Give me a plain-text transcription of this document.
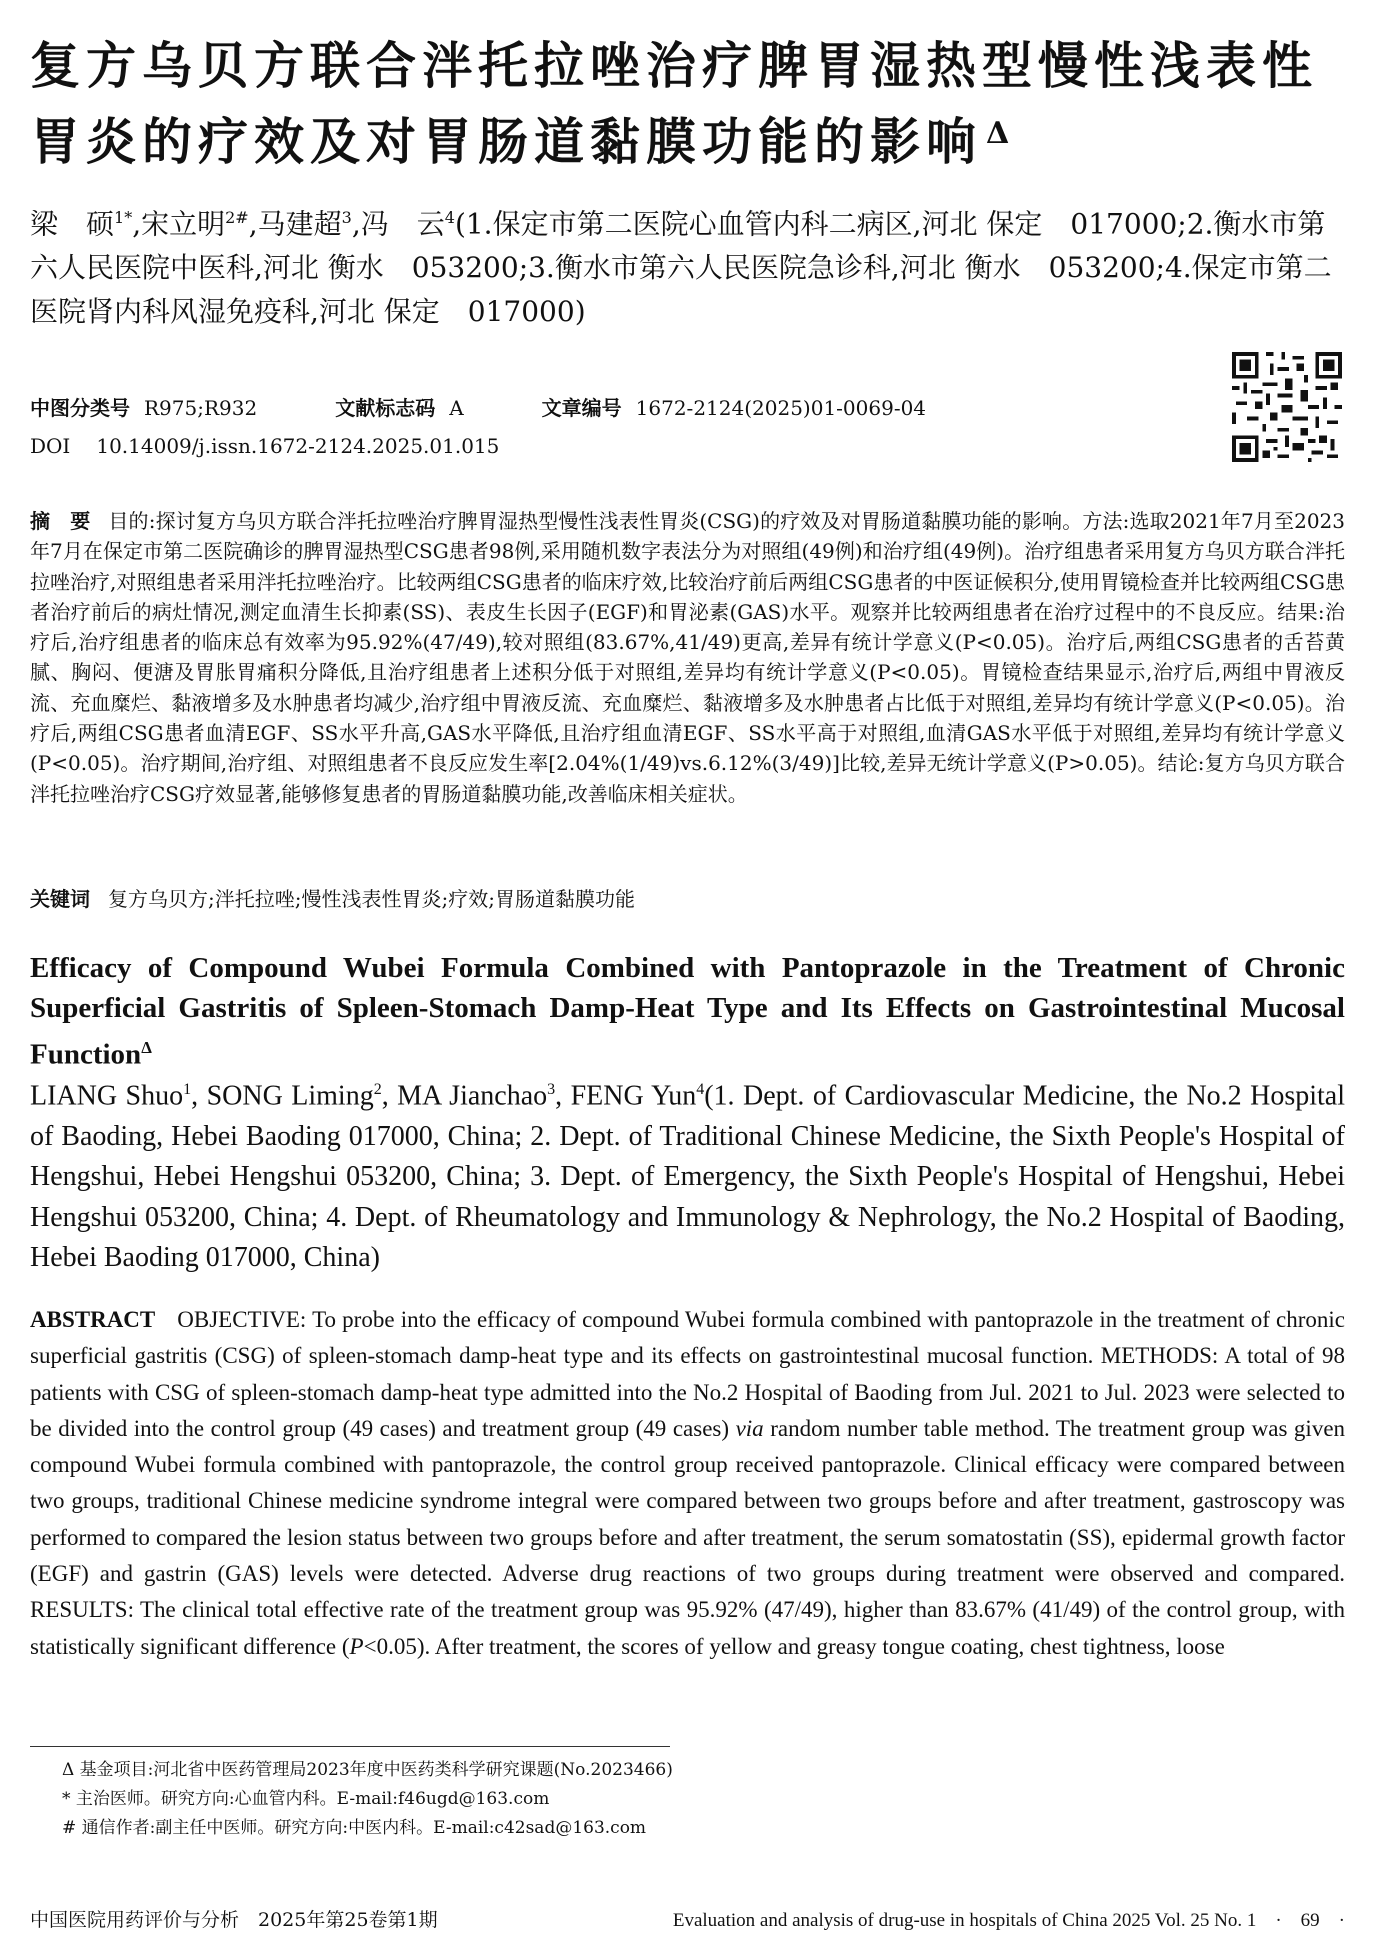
复方乌贝方联合泮托拉唑治疗脾胃湿热型慢性浅表性胃炎的疗效及对胃肠道黏膜功能的影响 $^\Delta$

梁　硕$^{1*}$,宋立明$^{2\#}$,马建超$^3$,冯　云$^4$(1.保定市第二医院心血管内科二病区,河北 保定　017000;2.衡水市第六人民医院中医科,河北 衡水　053200;3.衡水市第六人民医院急诊科,河北 衡水　053200;4.保定市第二医院肾内科风湿免疫科,河北 保定　017000)

中图分类号 R975;R932	文献标志码 A	文章编号 1672-2124(2025)01-0069-04
DOI 10.14009/j.issn.1672-2124.2025.01.015

摘　要 目的:探讨复方乌贝方联合泮托拉唑治疗脾胃湿热型慢性浅表性胃炎(CSG)的疗效及对胃肠道黏膜功能的影响。方法:选取2021年7月至2023年7月在保定市第二医院确诊的脾胃湿热型CSG患者98例,采用随机数字表法分为对照组(49例)和治疗组(49例)。治疗组患者采用复方乌贝方联合泮托拉唑治疗,对照组患者采用泮托拉唑治疗。比较两组CSG患者的临床疗效,比较治疗前后两组CSG患者的中医证候积分,使用胃镜检查并比较两组CSG患者治疗前后的病灶情况,测定血清生长抑素(SS)、表皮生长因子(EGF)和胃泌素(GAS)水平。观察并比较两组患者在治疗过程中的不良反应。结果:治疗后,治疗组患者的临床总有效率为95.92%(47/49),较对照组(83.67%,41/49)更高,差异有统计学意义(P<0.05)。治疗后,两组CSG患者的舌苔黄腻、胸闷、便溏及胃胀胃痛积分降低,且治疗组患者上述积分低于对照组,差异均有统计学意义(P<0.05)。胃镜检查结果显示,治疗后,两组中胃液反流、充血糜烂、黏液增多及水肿患者均减少,治疗组中胃液反流、充血糜烂、黏液增多及水肿患者占比低于对照组,差异均有统计学意义(P<0.05)。治疗后,两组CSG患者血清EGF、SS水平升高,GAS水平降低,且治疗组血清EGF、SS水平高于对照组,血清GAS水平低于对照组,差异均有统计学意义(P<0.05)。治疗期间,治疗组、对照组患者不良反应发生率[2.04%(1/49)vs.6.12%(3/49)]比较,差异无统计学意义(P>0.05)。结论:复方乌贝方联合泮托拉唑治疗CSG疗效显著,能够修复患者的胃肠道黏膜功能,改善临床相关症状。

关键词 复方乌贝方;泮托拉唑;慢性浅表性胃炎;疗效;胃肠道黏膜功能

Efficacy of Compound Wubei Formula Combined with Pantoprazole in the Treatment of Chronic Superficial Gastritis of Spleen-Stomach Damp-Heat Type and Its Effects on Gastrointestinal Mucosal Function$^\Delta$

LIANG Shuo$^1$, SONG Liming$^2$, MA Jianchao$^3$, FENG Yun$^4$(1. Dept. of Cardiovascular Medicine, the No.2 Hospital of Baoding, Hebei Baoding 017000, China; 2. Dept. of Traditional Chinese Medicine, the Sixth People's Hospital of Hengshui, Hebei Hengshui 053200, China; 3. Dept. of Emergency, the Sixth People's Hospital of Hengshui, Hebei Hengshui 053200, China; 4. Dept. of Rheumatology and Immunology & Nephrology, the No.2 Hospital of Baoding, Hebei Baoding 017000, China)

ABSTRACT OBJECTIVE: To probe into the efficacy of compound Wubei formula combined with pantoprazole in the treatment of chronic superficial gastritis (CSG) of spleen-stomach damp-heat type and its effects on gastrointestinal mucosal function. METHODS: A total of 98 patients with CSG of spleen-stomach damp-heat type admitted into the No.2 Hospital of Baoding from Jul. 2021 to Jul. 2023 were selected to be divided into the control group (49 cases) and treatment group (49 cases) via random number table method. The treatment group was given compound Wubei formula combined with pantoprazole, the control group received pantoprazole. Clinical efficacy were compared between two groups, traditional Chinese medicine syndrome integral were compared between two groups before and after treatment, gastroscopy was performed to compared the lesion status between two groups before and after treatment, the serum somatostatin (SS), epidermal growth factor (EGF) and gastrin (GAS) levels were detected. Adverse drug reactions of two groups during treatment were observed and compared. RESULTS: The clinical total effective rate of the treatment group was 95.92% (47/49), higher than 83.67% (41/49) of the control group, with statistically significant difference (P<0.05). After treatment, the scores of yellow and greasy tongue coating, chest tightness, loose

Δ 基金项目:河北省中医药管理局2023年度中医药类科学研究课题(No.2023466)

* 主治医师。研究方向:心血管内科。E-mail:f46ugd@163.com

# 通信作者:副主任中医师。研究方向:中医内科。E-mail:c42sad@163.com

中国医院用药评价与分析　2025年第25卷第1期	Evaluation and analysis of drug-use in hospitals of China 2025 Vol. 25 No. 1　·　69　·
